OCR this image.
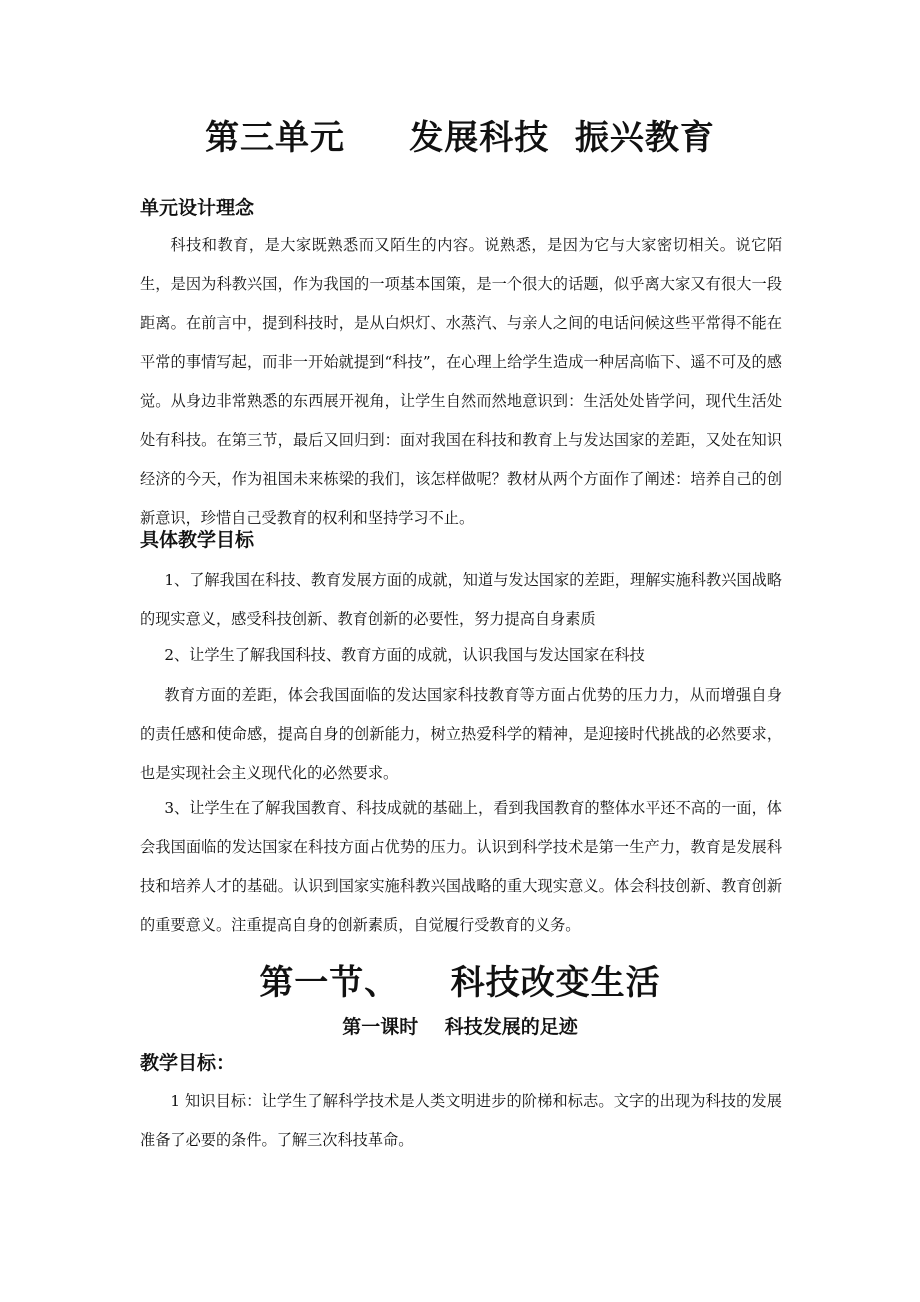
第三单元     发展科技  振兴教育
单元设计理念

科技和教育，是大家既熟悉而又陌生的内容。说熟悉，是因为它与大家密切相关。说它陌生，是因为科教兴国，作为我国的一项基本国策，是一个很大的话题，似乎离大家又有很大一段距离。在前言中，提到科技时，是从白炽灯、水蒸汽、与亲人之间的电话问候这些平常得不能在平常的事情写起，而非一开始就提到“科技”，在心理上给学生造成一种居高临下、遥不可及的感觉。从身边非常熟悉的东西展开视角，让学生自然而然地意识到：生活处处皆学问，现代生活处处有科技。在第三节，最后又回归到：面对我国在科技和教育上与发达国家的差距，又处在知识经济的今天，作为祖国未来栋梁的我们，该怎样做呢？教材从两个方面作了阐述：培养自己的创新意识，珍惜自己受教育的权利和坚持学习不止。

具体教学目标

1、了解我国在科技、教育发展方面的成就，知道与发达国家的差距，理解实施科教兴国战略的现实意义，感受科技创新、教育创新的必要性，努力提高自身素质

2、让学生了解我国科技、教育方面的成就，认识我国与发达国家在科技

教育方面的差距，体会我国面临的发达国家科技教育等方面占优势的压力力，从而增强自身的责任感和使命感，提高自身的创新能力，树立热爱科学的精神，是迎接时代挑战的必然要求，也是实现社会主义现代化的必然要求。

3、让学生在了解我国教育、科技成就的基础上，看到我国教育的整体水平还不高的一面，体会我国面临的发达国家在科技方面占优势的压力。认识到科学技术是第一生产力，教育是发展科技和培养人才的基础。认识到国家实施科教兴国战略的重大现实意义。体会科技创新、教育创新的重要意义。注重提高自身的创新素质，自觉履行受教育的义务。

第一节、    科技改变生活
第一课时    科技发展的足迹
教学目标：

1 知识目标：让学生了解科学技术是人类文明进步的阶梯和标志。文字的出现为科技的发展准备了必要的条件。了解三次科技革命。
